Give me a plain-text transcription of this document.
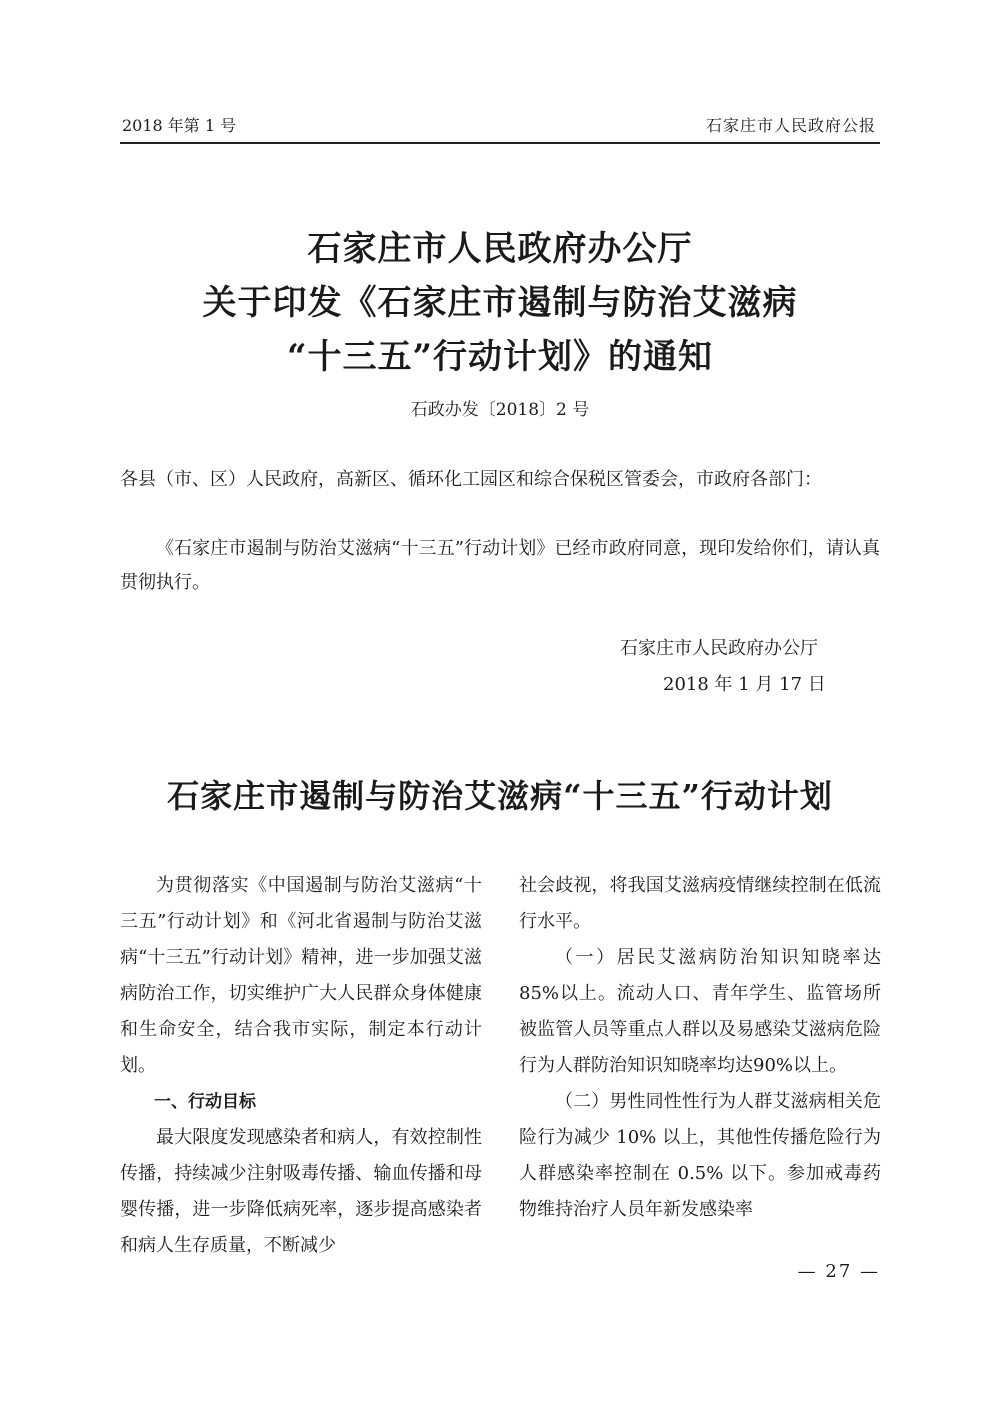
2018 年第 1 号	石家庄市人民政府公报
石家庄市人民政府办公厅
关于印发《石家庄市遏制与防治艾滋病
“十三五”行动计划》的通知
石政办发〔2018〕2 号
各县（市、区）人民政府，高新区、循环化工园区和综合保税区管委会，市政府各部门：
《石家庄市遏制与防治艾滋病“十三五”行动计划》已经市政府同意，现印发给你们，请认真贯彻执行。
石家庄市人民政府办公厅
2018 年 1 月 17 日
石家庄市遏制与防治艾滋病“十三五”行动计划

为贯彻落实《中国遏制与防治艾滋病“十三五”行动计划》和《河北省遏制与防治艾滋病“十三五”行动计划》精神，进一步加强艾滋病防治工作，切实维护广大人民群众身体健康和生命安全，结合我市实际，制定本行动计划。

一、行动目标

最大限度发现感染者和病人，有效控制性传播，持续减少注射吸毒传播、输血传播和母婴传播，进一步降低病死率，逐步提高感染者和病人生存质量，不断减少

社会歧视，将我国艾滋病疫情继续控制在低流行水平。

（一）居民艾滋病防治知识知晓率达85%以上。流动人口、青年学生、监管场所被监管人员等重点人群以及易感染艾滋病危险行为人群防治知识知晓率均达90%以上。

（二）男性同性性行为人群艾滋病相关危险行为减少 10% 以上，其他性传播危险行为人群感染率控制在 0.5% 以下。参加戒毒药物维持治疗人员年新发感染率

— 27 —
